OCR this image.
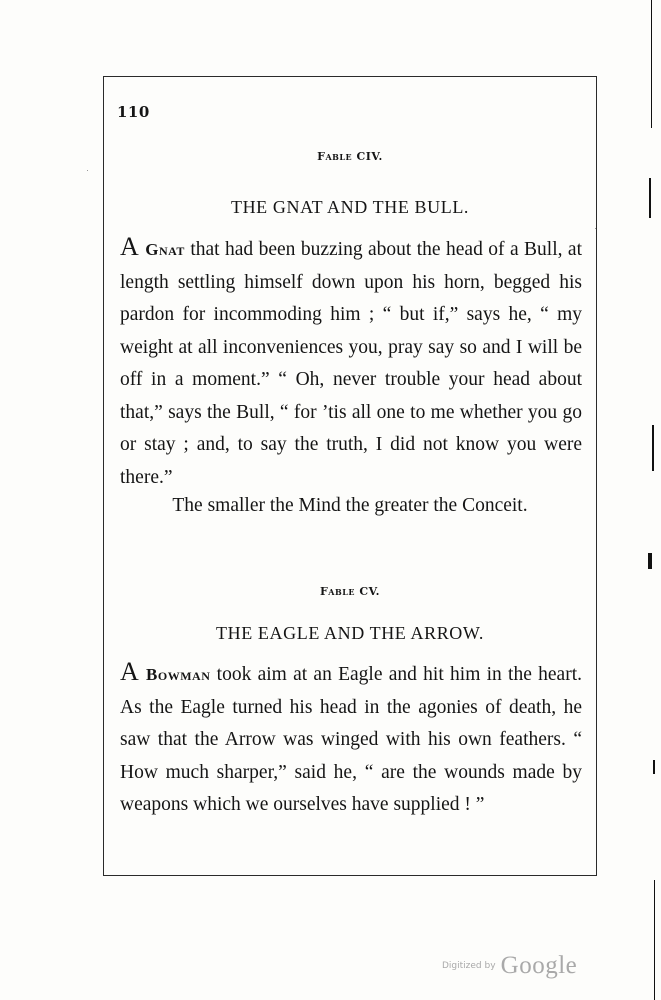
110
Fable CIV.
THE GNAT AND THE BULL.

A Gnat that had been buzzing about the head of a Bull, at length settling himself down upon his horn, begged his pardon for incommoding him ; “ but if,” says he, “ my weight at all inconveniences you, pray say so and I will be off in a moment.” “ Oh, never trouble your head about that,” says the Bull, “ for ’tis all one to me whether you go or stay ; and, to say the truth, I did not know you were there.”

The smaller the Mind the greater the Conceit.
Fable CV.
THE EAGLE AND THE ARROW.

A Bowman took aim at an Eagle and hit him in the heart. As the Eagle turned his head in the agonies of death, he saw that the Arrow was winged with his own feathers. “ How much sharper,” said he, “ are the wounds made by weapons which we ourselves have supplied ! ”

Digitized by Google
